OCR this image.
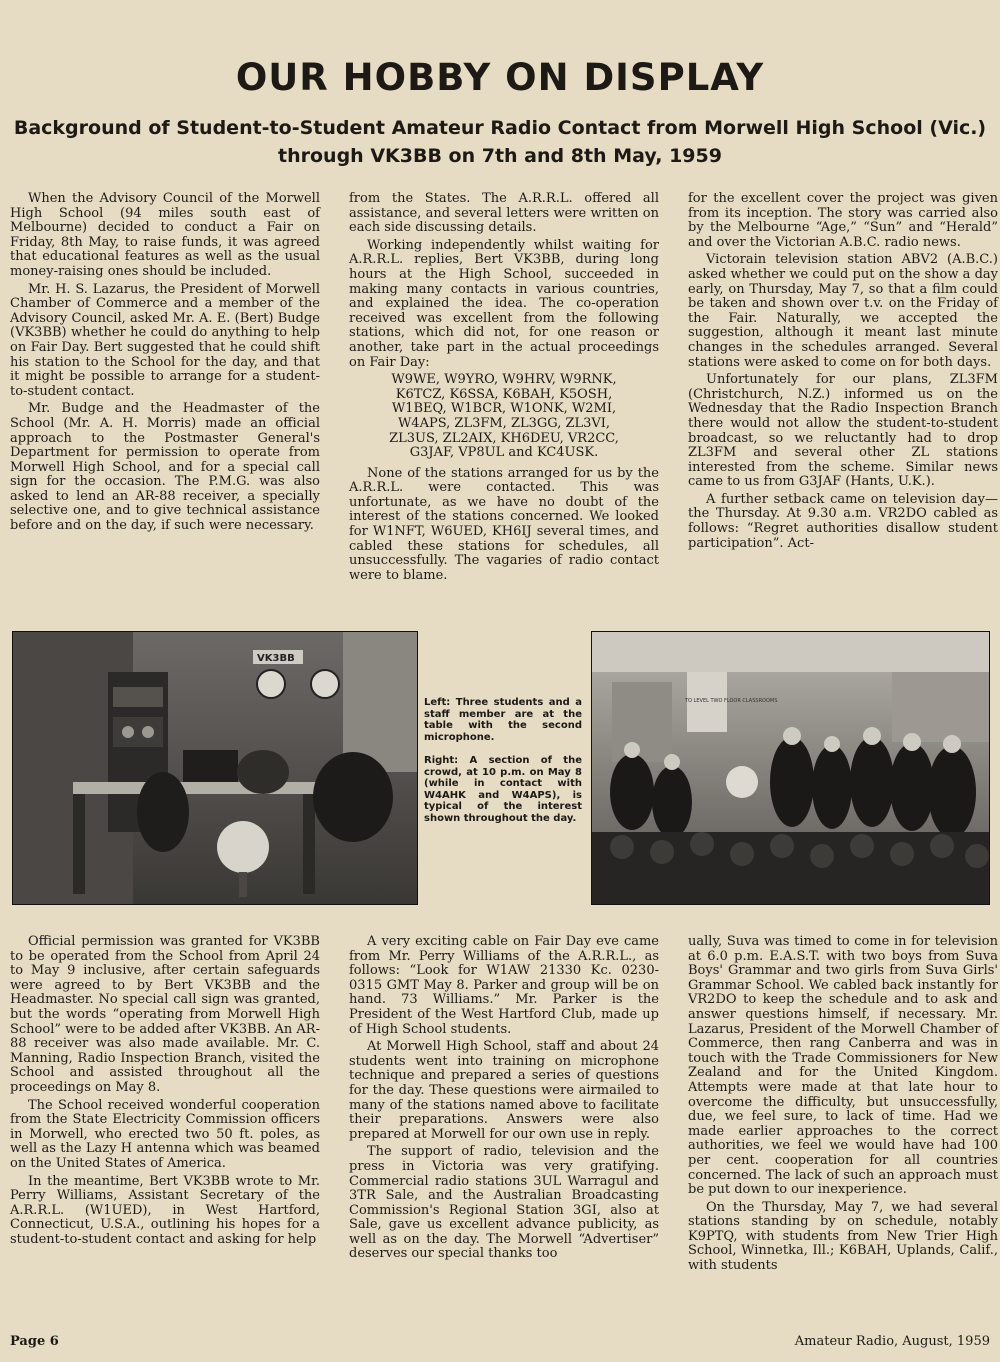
OUR HOBBY ON DISPLAY
Background of Student-to-Student Amateur Radio Contact from Morwell High School (Vic.)
through VK3BB on 7th and 8th May, 1959

When the Advisory Council of the Morwell High School (94 miles south east of Melbourne) decided to conduct a Fair on Friday, 8th May, to raise funds, it was agreed that educational features as well as the usual money-raising ones should be included.

Mr. H. S. Lazarus, the President of Morwell Chamber of Commerce and a member of the Advisory Council, asked Mr. A. E. (Bert) Budge (VK3BB) whether he could do anything to help on Fair Day. Bert suggested that he could shift his station to the School for the day, and that it might be possible to arrange for a student-to-student contact.

Mr. Budge and the Headmaster of the School (Mr. A. H. Morris) made an official approach to the Postmaster General's Department for permission to operate from Morwell High School, and for a special call sign for the occasion. The P.M.G. was also asked to lend an AR-88 receiver, a specially selective one, and to give technical assistance before and on the day, if such were necessary.

from the States. The A.R.R.L. offered all assistance, and several letters were written on each side discussing details.

Working independently whilst waiting for A.R.R.L. replies, Bert VK3BB, during long hours at the High School, succeeded in making many contacts in various countries, and explained the idea. The co-operation received was excellent from the following stations, which did not, for one reason or another, take part in the actual proceedings on Fair Day:

W9WE, W9YRO, W9HRV, W9RNK,
K6TCZ, K6SSA, K6BAH, K5OSH,
W1BEQ, W1BCR, W1ONK, W2MI,
W4APS, ZL3FM, ZL3GG, ZL3VI,
ZL3US, ZL2AIX, KH6DEU, VR2CC,
G3JAF, VP8UL and KC4USK.

None of the stations arranged for us by the A.R.R.L. were contacted. This was unfortunate, as we have no doubt of the interest of the stations concerned. We looked for W1NFT, W6UED, KH6IJ several times, and cabled these stations for schedules, all unsuccessfully. The vagaries of radio contact were to blame.

for the excellent cover the project was given from its inception. The story was carried also by the Melbourne “Age,” “Sun” and “Herald” and over the Victorian A.B.C. radio news.

Victorain television station ABV2 (A.B.C.) asked whether we could put on the show a day early, on Thursday, May 7, so that a film could be taken and shown over t.v. on the Friday of the Fair. Naturally, we accepted the suggestion, although it meant last minute changes in the schedules arranged. Several stations were asked to come on for both days.

Unfortunately for our plans, ZL3FM (Christchurch, N.Z.) informed us on the Wednesday that the Radio Inspection Branch there would not allow the student-to-student broadcast, so we reluctantly had to drop ZL3FM and several other ZL stations interested from the scheme. Similar news came to us from G3JAF (Hants, U.K.).

A further setback came on television day—the Thursday. At 9.30 a.m. VR2DO cabled as follows: “Regret authorities disallow student participation”. Act-

VK3BB

Left: Three students and a staff member are at the table with the second microphone.

Right: A section of the crowd, at 10 p.m. on May 8 (while in contact with W4AHK and W4APS), is typical of the interest shown throughout the day.

TO LEVEL TWO FLOOR CLASSROOMS

Official permission was granted for VK3BB to be operated from the School from April 24 to May 9 inclusive, after certain safeguards were agreed to by Bert VK3BB and the Headmaster. No special call sign was granted, but the words “operating from Morwell High School” were to be added after VK3BB. An AR-88 receiver was also made available. Mr. C. Manning, Radio Inspection Branch, visited the School and assisted throughout all the proceedings on May 8.

The School received wonderful cooperation from the State Electricity Commission officers in Morwell, who erected two 50 ft. poles, as well as the Lazy H antenna which was beamed on the United States of America.

In the meantime, Bert VK3BB wrote to Mr. Perry Williams, Assistant Secretary of the A.R.R.L. (W1UED), in West Hartford, Connecticut, U.S.A., outlining his hopes for a student-to-student contact and asking for help

A very exciting cable on Fair Day eve came from Mr. Perry Williams of the A.R.R.L., as follows: “Look for W1AW 21330 Kc. 0230-0315 GMT May 8. Parker and group will be on hand. 73 Williams.” Mr. Parker is the President of the West Hartford Club, made up of High School students.

At Morwell High School, staff and about 24 students went into training on microphone technique and prepared a series of questions for the day. These questions were airmailed to many of the stations named above to facilitate their preparations. Answers were also prepared at Morwell for our own use in reply.

The support of radio, television and the press in Victoria was very gratifying. Commercial radio stations 3UL Warragul and 3TR Sale, and the Australian Broadcasting Commission's Regional Station 3GI, also at Sale, gave us excellent advance publicity, as well as on the day. The Morwell “Advertiser” deserves our special thanks too

ually, Suva was timed to come in for television at 6.0 p.m. E.A.S.T. with two boys from Suva Boys' Grammar and two girls from Suva Girls' Grammar School. We cabled back instantly for VR2DO to keep the schedule and to ask and answer questions himself, if necessary. Mr. Lazarus, President of the Morwell Chamber of Commerce, then rang Canberra and was in touch with the Trade Commissioners for New Zealand and for the United Kingdom. Attempts were made at that late hour to overcome the difficulty, but unsuccessfully, due, we feel sure, to lack of time. Had we made earlier approaches to the correct authorities, we feel we would have had 100 per cent. cooperation for all countries concerned. The lack of such an approach must be put down to our inexperience.

On the Thursday, May 7, we had several stations standing by on schedule, notably K9PTQ, with students from New Trier High School, Winnetka, Ill.; K6BAH, Uplands, Calif., with students

Page 6	Amateur Radio, August, 1959
